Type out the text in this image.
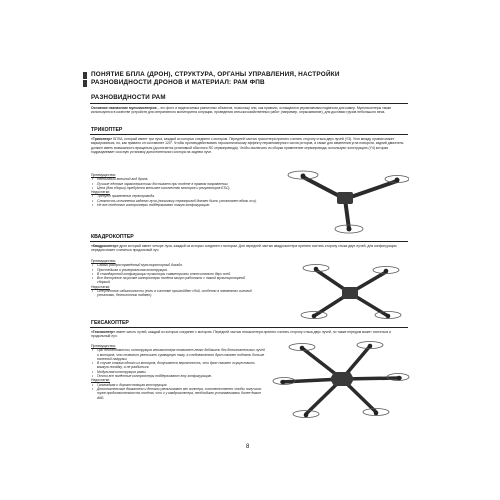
ПОНЯТИЕ БПЛА (ДРОН), СТРУКТУРА, ОРГАНЫ УПРАВЛЕНИЯ, НАСТРОЙКИ
РАЗНОВИДНОСТИ ДРОНОВ И МАТЕРИАЛ: РАМ ФПВ
РАЗНОВИДНОСТИ РАМ
Основное назначение мультикоптеров – это фото и видеосъемка различных объектов, поскольку они, как правило, оснащаются управляемым подвесом для камер. Мультикоптеры также используются в качестве устройств для оперативного мониторинга ситуации, проведения сельскохозяйственных работ (например, опрыскивание), для доставки грузов небольшого веса.
ТРИКОПТЕР
«Трикоптер» БПЛА, который имеет три луча, каждый из которых соединен с мотором. Передней частью трикоптера принято считать сторону стыка двух лучей (Y3). Угол между лучами может варьироваться, но, как правило он составляет 120°. Чтобы противодействовать гироскопическому эффекту неравномерного числа роторов, а также для изменения угла поворота, задний двигатель должен иметь возможность вращаться (достигается установкой обычного RC сервопривода). Чтобы исключить из сборки применение сервопривода, используют конструкцию (Y4) которая подразумевает соосную установку дополнительного мотора на заднем луче.
Преимущества:
• Необычный внешний вид дрона.
• Лучшие лётные характеристики достигает при полёте в прямом направлении.
• Цена (для сборки) требуется меньшее количество моторов и регуляторов ESC).
Недостатки:
• Требует применения сервопривода.
• Сложность исполнения заднего луча (поскольку сервопривод должен быть установлен вдоль оси).
• Не все полётные контроллеры поддерживают такую конфигурацию
КВАДРОКОПТЕР
«Квадрокоптер» дрон который имеет четыре луча, каждый из которых соединен с мотором. Для передней частью квадрокоптера принято считать сторону стыка двух лучей, для конфигурации передом может считаться продольный луч.
Преимущества:
• Самый распространённый мультироторный дизайн.
• Простейшая и универсальная конструкция.
• В стандартной конфигурации пучкиторы симметричны относительно двух осей.
• Все доступные на рынке контроллеры полёта могут работать с такой мультироторной сборкой.
Недостатки:
• Отсутствие избыточности (если в системе произойдет сбой, особенно в элементах силовой установки, беспилотник падает).
ГЕКСАКОПТЕР
«Гексакоптер» имеет шесть лучей, каждый из которых соединен с мотором. Передней частью гексакоптера принято считать сторону стыка двух лучей, но также передом может считаться и продольный луч.
Преимущества:
• При необходимости, конструкция гексакоптера позволяет легко добавить без дополнительных лучей и моторов, что позволит увеличить суммарную тягу, а следовательно дрон сможет поднять больше полезной нагрузки.
• В случае отказа одного из моторов, допускается вероятность, что дрон сможет осуществить мягкую посадку, а не разбиться.
• Модульная конструкция рамы.
• Почти все полётные контроллеры поддерживают эту конфигурацию.
Недостатки:
• Громоздкая и дорогостоящая конструкция.
• Дополнительные двигатели и детали увеличивают вес коптера, соответственно чтобы получить туже продолжительность полёта, что и у квадрокоптера, необходимо устанавливать более ёмкие АКБ.
8
